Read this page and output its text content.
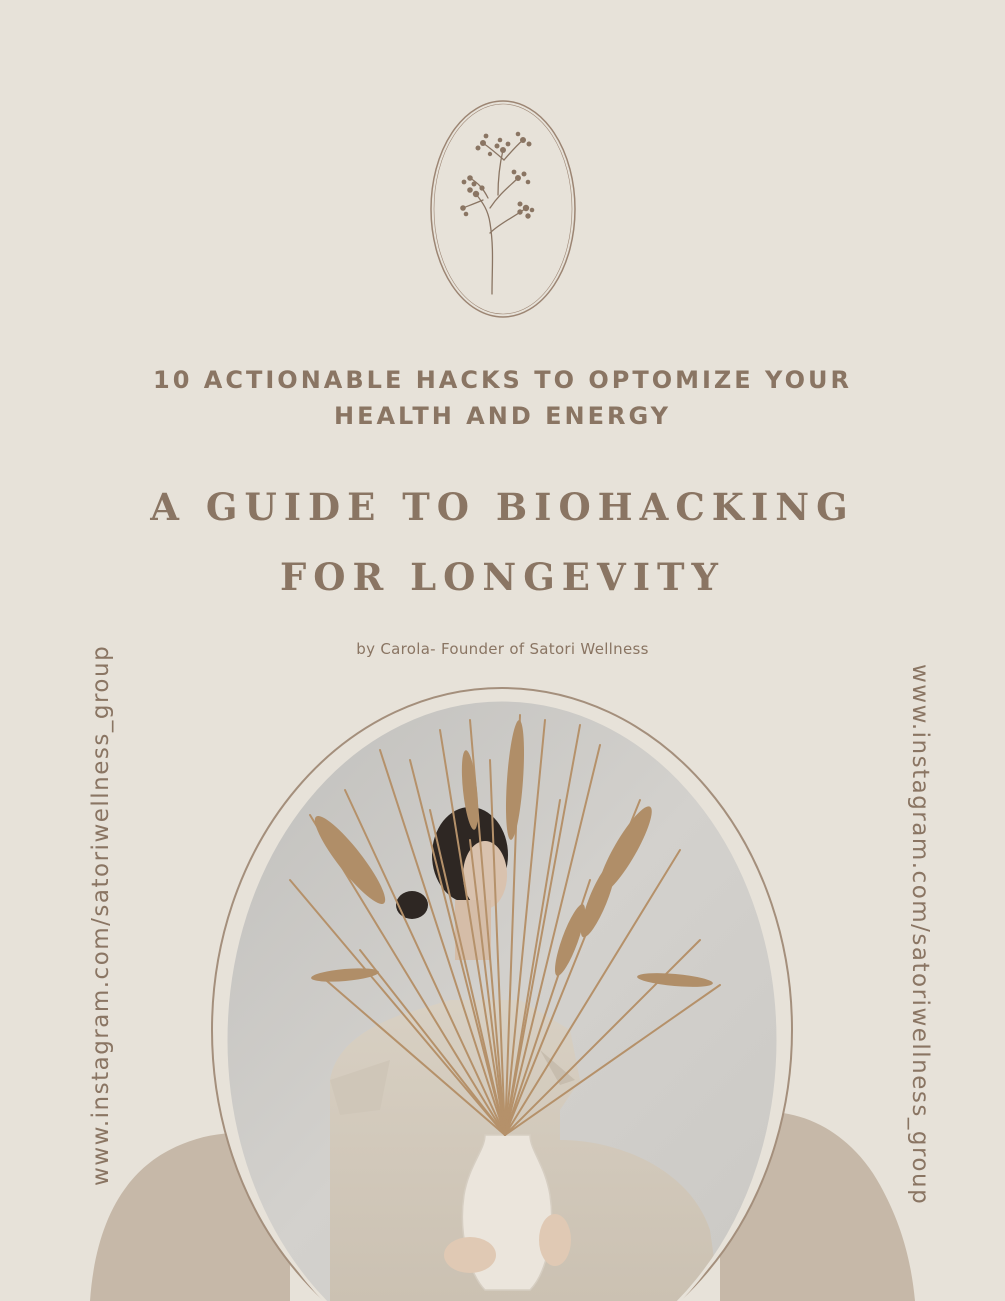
10 ACTIONABLE HACKS TO OPTOMIZE YOUR
HEALTH AND ENERGY
A GUIDE TO BIOHACKING
FOR LONGEVITY
by Carola- Founder of Satori Wellness
www.instagram.com/satoriwellness_group	www.instagram.com/satoriwellness_group
